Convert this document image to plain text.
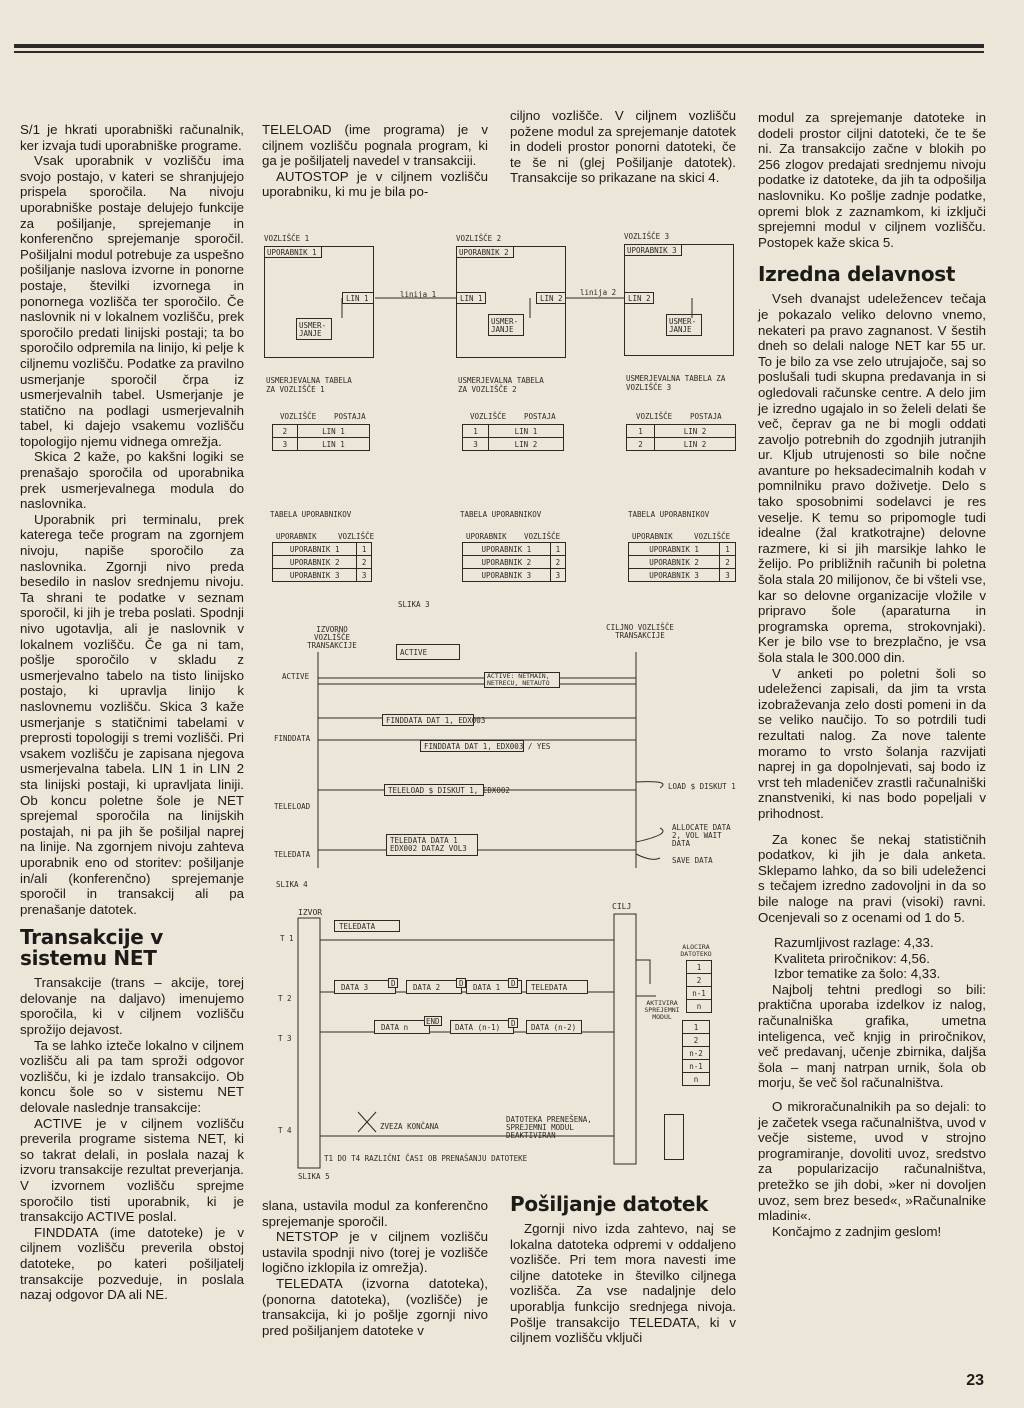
S/1 je hkrati uporabniški računalnik, ker izvaja tudi uporabniške programe.

Vsak uporabnik v vozlišču ima svojo postajo, v kateri se shranjujejo prispela sporočila. Na nivoju uporabniške postaje delujejo funkcije za pošiljanje, sprejemanje in konferenčno sprejemanje sporočil. Pošiljalni modul potrebuje za uspešno pošiljanje naslova izvorne in ponorne postaje, številki izvornega in ponornega vozlišča ter sporočilo. Če naslovnik ni v lokalnem vozlišču, prek sporočilo predati linijski postaji; ta bo sporočilo odpremila na linijo, ki pelje k ciljnemu vozlišču. Podatke za pravilno usmerjanje sporočil črpa iz usmerjevalnih tabel. Usmerjanje je statično na podlagi usmerjevalnih tabel, ki dajejo vsakemu vozlišču topologijo njemu vidnega omrežja.

Skica 2 kaže, po kakšni logiki se prenašajo sporočila od uporabnika prek usmerjevalnega modula do naslovnika.

Uporabnik pri terminalu, prek katerega teče program na zgornjem nivoju, napiše sporočilo za naslovnika. Zgornji nivo preda besedilo in naslov srednjemu nivoju. Ta shrani te podatke v seznam sporočil, ki jih je treba poslati. Spodnji nivo ugotavlja, ali je naslovnik v lokalnem vozlišču. Če ga ni tam, pošlje sporočilo v skladu z usmerjevalno tabelo na tisto linijsko postajo, ki upravlja linijo k naslovnemu vozlišču. Skica 3 kaže usmerjanje s statičnimi tabelami v preprosti topologiji s tremi vozlišči. Pri vsakem vozlišču je zapisana njegova usmerjevalna tabela. LIN 1 in LIN 2 sta linijski postaji, ki upravljata liniji. Ob koncu poletne šole je NET sprejemal sporočila na linijskih postajah, ni pa jih še pošiljal naprej na linije. Na zgornjem nivoju zahteva uporabnik eno od storitev: pošiljanje in/ali (konferenčno) sprejemanje sporočil in transakcij ali pa prenašanje datotek.

Transakcije v sistemu NET

Transakcije (trans – akcije, torej delovanje na daljavo) imenujemo sporočila, ki v ciljnem vozlišču sprožijo dejavost.

Ta se lahko izteče lokalno v ciljnem vozlišču ali pa tam sproži odgovor vozlišču, ki je izdalo transakcijo. Ob koncu šole so v sistemu NET delovale naslednje transakcije:

ACTIVE je v ciljnem vozlišču preverila programe sistema NET, ki so takrat delali, in poslala nazaj k izvoru transakcije rezultat preverjanja. V izvornem vozlišču sprejme sporočilo tisti uporabnik, ki je transakcijo ACTIVE poslal.

FINDDATA (ime datoteke) je v ciljnem vozlišču preverila obstoj datoteke, po kateri pošiljatelj transakcije pozveduje, in poslala nazaj odgovor DA ali NE.

TELELOAD (ime programa) je v ciljnem vozlišču pognala program, ki ga je pošiljatelj navedel v transakciji.

AUTOSTOP je v ciljnem vozlišču uporabniku, ki mu je bila po-

ciljno vozlišče. V ciljnem vozlišču požene modul za sprejemanje datotek in dodeli prostor ponorni datoteki, če te še ni (glej Pošiljanje datotek). Transakcije so prikazane na skici 4.

modul za sprejemanje datoteke in dodeli prostor ciljni datoteki, če te še ni. Za transakcijo začne v blokih po 256 zlogov predajati srednjemu nivoju podatke iz datoteke, da jih ta odpošilja naslovniku. Ko pošlje zadnje podatke, opremi blok z zaznamkom, ki izključi sprejemni modul v ciljnem vozlišču. Postopek kaže skica 5.

Izredna delavnost

Vseh dvanajst udeležencev tečaja je pokazalo veliko delovno vnemo, nekateri pa pravo zagnanost. V šestih dneh so delali naloge NET kar 55 ur. To je bilo za vse zelo utrujajoče, saj so poslušali tudi skupna predavanja in si ogledovali računske centre. A delo jim je izredno ugajalo in so želeli delati še več, čeprav ga ne bi mogli oddati zavoljo potrebnih do zgodnjih jutranjih ur. Kljub utrujenosti so bile nočne avanture po heksadecimalnih kodah v pomnilniku pravo doživetje. Delo s tako sposobnimi sodelavci je res veselje. K temu so pripomogle tudi idealne (žal kratkotrajne) delovne razmere, ki si jih marsikje lahko le želijo. Po približnih računih bi poletna šola stala 20 milijonov, če bi všteli vse, kar so delovne organizacije vložile v pripravo šole (aparaturna in programska oprema, strokovnjaki). Ker je bilo vse to brezplačno, je vsa šola stala le 300.000 din.

V anketi po poletni šoli so udeleženci zapisali, da jim ta vrsta izobraževanja zelo dosti pomeni in da se veliko naučijo. To so potrdili tudi rezultati nalog. Za nove talente moramo to vrsto šolanja razvijati naprej in ga dopolnjevati, saj bodo iz vrst teh mladeničev zrastli računalniški znanstveniki, ki nas bodo popeljali v prihodnost.

Za konec še nekaj statističnih podatkov, ki jih je dala anketa. Sklepamo lahko, da so bili udeleženci s tečajem izredno zadovoljni in da so bile naloge na pravi (visoki) ravni. Ocenjevali so z ocenami od 1 do 5.

Razumljivost razlage: 4,33.

Kvaliteta priročnikov: 4,56.

Izbor tematike za šolo: 4,33.

Najbolj tehtni predlogi so bili: praktična uporaba izdelkov iz nalog, računalniška grafika, umetna inteligenca, več knjig in priročnikov, več predavanj, učenje zbirnika, daljša šola – manj natrpan urnik, šola ob morju, še več šol računalništva.

O mikroračunalnikih pa so dejali: to je začetek vsega računalništva, uvod v večje sisteme, uvod v strojno programiranje, dovoliti uvoz, sredstvo za popularizacijo računalništva, pretežko se jih dobi, »ker ni dovoljen uvoz, sem brez besed«, »Računalnike mladini«.

Končajmo z zadnjim geslom!

slana, ustavila modul za konferenčno sprejemanje sporočil.

NETSTOP je v ciljnem vozlišču ustavila spodnji nivo (torej je vozlišče logično izklopila iz omrežja).

TELEDATA (izvorna datoteka), (ponorna datoteka), (vozlišče) je transakcija, ki jo pošlje zgornji nivo pred pošiljanjem datoteke v

Pošiljanje datotek

Zgornji nivo izda zahtevo, naj se lokalna datoteka odpremi v oddaljeno vozlišče. Pri tem mora navesti ime ciljne datoteke in številko ciljnega vozlišča. Za vse nadaljnje delo uporablja funkcijo srednjega nivoja. Pošlje transakcijo TELEDATA, ki v ciljnem vozlišču vključi

23
VOZLIŠČE 1
UPORABNIK 1
LIN 1
USMER-JANJE
USMERJEVALNA TABELA ZA VOZLIŠČE 1
VOZLIŠČE POSTAJA
2	LIN 1
3	LIN 1
VOZLIŠČE 2
UPORABNIK 2
LIN 1	LIN 2
USMER-JANJE
USMERJEVALNA TABELA ZA VOZLIŠČE 2
VOZLIŠČE POSTAJA
1	LIN 1
3	LIN 2
VOZLIŠČE 3
UPORABNIK 3
LIN 2
USMER-JANJE
USMERJEVALNA TABELA ZA VOZLIŠČE 3
VOZLIŠČE POSTAJA
1	LIN 2
2	LIN 2
linija 1	linija 2
TABELA UPORABNIKOV	TABELA UPORABNIKOV	TABELA UPORABNIKOV
UPORABNIK	VOZLIŠČE
UPORABNIK 1	1
UPORABNIK 2	2
UPORABNIK 3	3
UPORABNIK VOZLIŠČE
UPORABNIK 1	1
UPORABNIK 2	2
UPORABNIK 3	3
UPORABNIK	VOZLIŠČE
UPORABNIK 1	1
UPORABNIK 2	2
UPORABNIK 3	3
SLIKA 3
IZVORNO VOZLIŠČE TRANSAKCIJE
CILJNO VOZLIŠČE TRANSAKCIJE
ACTIVE
FINDDATA
TELELOAD
TELEDATA
ACTIVE
ACTIVE: NETMAIN, NETRECU, NETAUTO
FINDDATA DAT 1, EDX003
FINDDATA DAT 1, EDX003 / YES
TELELOAD $ DISKUT 1, EDX002
TELEDATA DATA 1 EDX002 DATAZ VOL3
LOAD $ DISKUT 1
ALLOCATE DATA 2, VOL WAIT DATA
SAVE DATA
SLIKA 4
IZVOR
CILJ
T 1
T 2
T 3
T 4
TELEDATA
DATA 3	D DATA 2	D DATA 1 D TELEDATA
DATA n
END
DATA (n-1) D DATA (n-2)
ALOCIRA DATOTEKO
1
2
n-1
n
AKTIVIRA SPREJEMNI MODUL
1
2
n-2
n-1
n
ZVEZA KONČANA
DATOTEKA PRENEŠENA, SPREJEMNI MODUL DEAKTIVIRAN
T1 DO T4 RAZLIČNI ČASI OB PRENAŠANJU DATOTEKE
SLIKA 5
